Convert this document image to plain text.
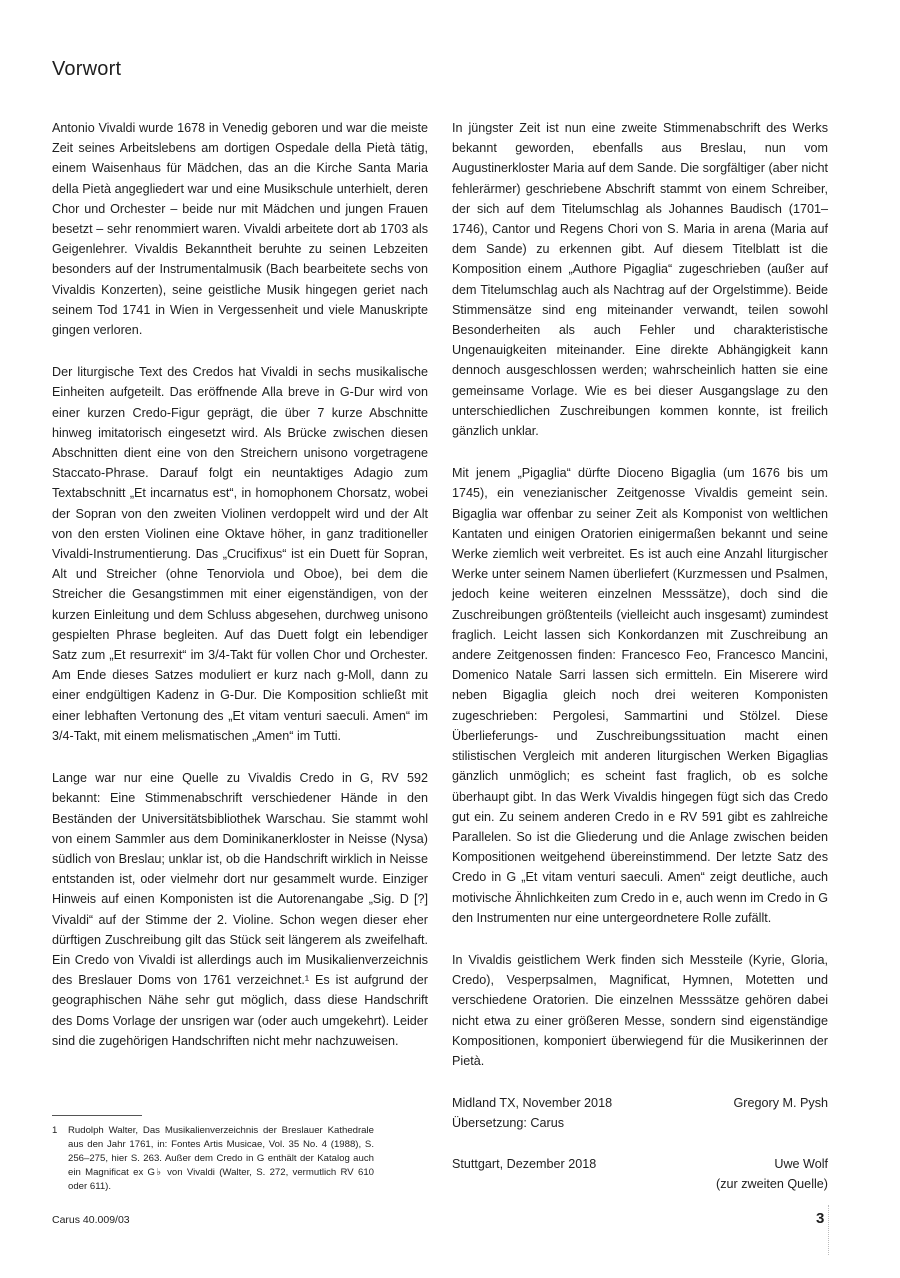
Vorwort

Antonio Vivaldi wurde 1678 in Venedig geboren und war die meiste Zeit seines Arbeitslebens am dortigen Ospedale della Pietà tätig, einem Waisenhaus für Mädchen, das an die Kirche Santa Maria della Pietà angegliedert war und eine Musikschule unterhielt, deren Chor und Orchester – beide nur mit Mädchen und jungen Frauen besetzt – sehr renommiert waren. Vivaldi arbeitete dort ab 1703 als Geigenlehrer. Vivaldis Bekanntheit beruhte zu seinen Lebzeiten besonders auf der Instrumentalmusik (Bach bearbeitete sechs von Vivaldis Konzerten), seine geistliche Musik hingegen geriet nach seinem Tod 1741 in Wien in Vergessenheit und viele Manuskripte gingen verloren.

Der liturgische Text des Credos hat Vivaldi in sechs musikalische Einheiten aufgeteilt. Das eröffnende Alla breve in G-Dur wird von einer kurzen Credo-Figur geprägt, die über 7 kurze Abschnitte hinweg imitatorisch eingesetzt wird. Als Brücke zwischen diesen Abschnitten dient eine von den Streichern unisono vorgetragene Staccato-Phrase. Darauf folgt ein neuntaktiges Adagio zum Textabschnitt „Et incarnatus est“, in homophonem Chorsatz, wobei der Sopran von den zweiten Violinen verdoppelt wird und der Alt von den ersten Violinen eine Oktave höher, in ganz traditioneller Vivaldi-Instrumentierung. Das „Crucifixus“ ist ein Duett für Sopran, Alt und Streicher (ohne Tenorviola und Oboe), bei dem die Streicher die Gesangstimmen mit einer eigenständigen, von der kurzen Einleitung und dem Schluss abgesehen, durchweg unisono gespielten Phrase begleiten. Auf das Duett folgt ein lebendiger Satz zum „Et resurrexit“ im 3/4-Takt für vollen Chor und Orchester. Am Ende dieses Satzes moduliert er kurz nach g-Moll, dann zu einer endgültigen Kadenz in G-Dur. Die Komposition schließt mit einer lebhaften Vertonung des „Et vitam venturi saeculi. Amen“ im 3/4-Takt, mit einem melismatischen „Amen“ im Tutti.

Lange war nur eine Quelle zu Vivaldis Credo in G, RV 592 bekannt: Eine Stimmenabschrift verschiedener Hände in den Beständen der Universitätsbibliothek Warschau. Sie stammt wohl von einem Sammler aus dem Dominikanerkloster in Neisse (Nysa) südlich von Breslau; unklar ist, ob die Handschrift wirklich in Neisse entstanden ist, oder vielmehr dort nur gesammelt wurde. Einziger Hinweis auf einen Komponisten ist die Autorenangabe „Sig. D [?] Vivaldi“ auf der Stimme der 2. Violine. Schon wegen dieser eher dürftigen Zuschreibung gilt das Stück seit längerem als zweifelhaft. Ein Credo von Vivaldi ist allerdings auch im Musikalienverzeichnis des Breslauer Doms von 1761 verzeichnet.¹ Es ist aufgrund der geographischen Nähe sehr gut möglich, dass diese Handschrift des Doms Vorlage der unsrigen war (oder auch umgekehrt). Leider sind die zugehörigen Handschriften nicht mehr nachzuweisen.

In jüngster Zeit ist nun eine zweite Stimmenabschrift des Werks bekannt geworden, ebenfalls aus Breslau, nun vom Augustinerkloster Maria auf dem Sande. Die sorgfältiger (aber nicht fehlerärmer) geschriebene Abschrift stammt von einem Schreiber, der sich auf dem Titelumschlag als Johannes Baudisch (1701–1746), Cantor und Regens Chori von S. Maria in arena (Maria auf dem Sande) zu erkennen gibt. Auf diesem Titelblatt ist die Komposition einem „Authore Pigaglia“ zugeschrieben (außer auf dem Titelumschlag auch als Nachtrag auf der Orgelstimme). Beide Stimmensätze sind eng miteinander verwandt, teilen sowohl Besonderheiten als auch Fehler und charakteristische Ungenauigkeiten miteinander. Eine direkte Abhängigkeit kann dennoch ausgeschlossen werden; wahrscheinlich hatten sie eine gemeinsame Vorlage. Wie es bei dieser Ausgangslage zu den unterschiedlichen Zuschreibungen kommen konnte, ist freilich gänzlich unklar.

Mit jenem „Pigaglia“ dürfte Dioceno Bigaglia (um 1676 bis um 1745), ein venezianischer Zeitgenosse Vivaldis gemeint sein. Bigaglia war offenbar zu seiner Zeit als Komponist von weltlichen Kantaten und einigen Oratorien einigermaßen bekannt und seine Werke ziemlich weit verbreitet. Es ist auch eine Anzahl liturgischer Werke unter seinem Namen überliefert (Kurzmessen und Psalmen, jedoch keine weiteren einzelnen Messsätze), doch sind die Zuschreibungen größtenteils (vielleicht auch insgesamt) zumindest fraglich. Leicht lassen sich Konkordanzen mit Zuschreibung an andere Zeitgenossen finden: Francesco Feo, Francesco Mancini, Domenico Natale Sarri lassen sich ermitteln. Ein Miserere wird neben Bigaglia gleich noch drei weiteren Komponisten zugeschrieben: Pergolesi, Sammartini und Stölzel. Diese Überlieferungs- und Zuschreibungssituation macht einen stilistischen Vergleich mit anderen liturgischen Werken Bigaglias gänzlich unmöglich; es scheint fast fraglich, ob es solche überhaupt gibt. In das Werk Vivaldis hingegen fügt sich das Credo gut ein. Zu seinem anderen Credo in e RV 591 gibt es zahlreiche Parallelen. So ist die Gliederung und die Anlage zwischen beiden Kompositionen weitgehend übereinstimmend. Der letzte Satz des Credo in G „Et vitam venturi saeculi. Amen“ zeigt deutliche, auch motivische Ähnlichkeiten zum Credo in e, auch wenn im Credo in G den Instrumenten nur eine untergeordnetere Rolle zufällt.

In Vivaldis geistlichem Werk finden sich Messteile (Kyrie, Gloria, Credo), Vesperpsalmen, Magnificat, Hymnen, Motetten und verschiedene Oratorien. Die einzelnen Messsätze gehören dabei nicht etwa zu einer größeren Messe, sondern sind eigenständige Kompositionen, komponiert überwiegend für die Musikerinnen der Pietà.

Midland TX, November 2018	Gregory M. Pysh
Übersetzung: Carus
Stuttgart, Dezember 2018	Uwe Wolf
(zur zweiten Quelle)
1	Rudolph Walter, Das Musikalienverzeichnis der Breslauer Kathedrale aus den Jahr 1761, in: Fontes Artis Musicae, Vol. 35 No. 4 (1988), S. 256–275, hier S. 263. Außer dem Credo in G enthält der Katalog auch ein Magnificat ex G♭ von Vivaldi (Walter, S. 272, vermutlich RV 610 oder 611).
Carus 40.009/03	3
